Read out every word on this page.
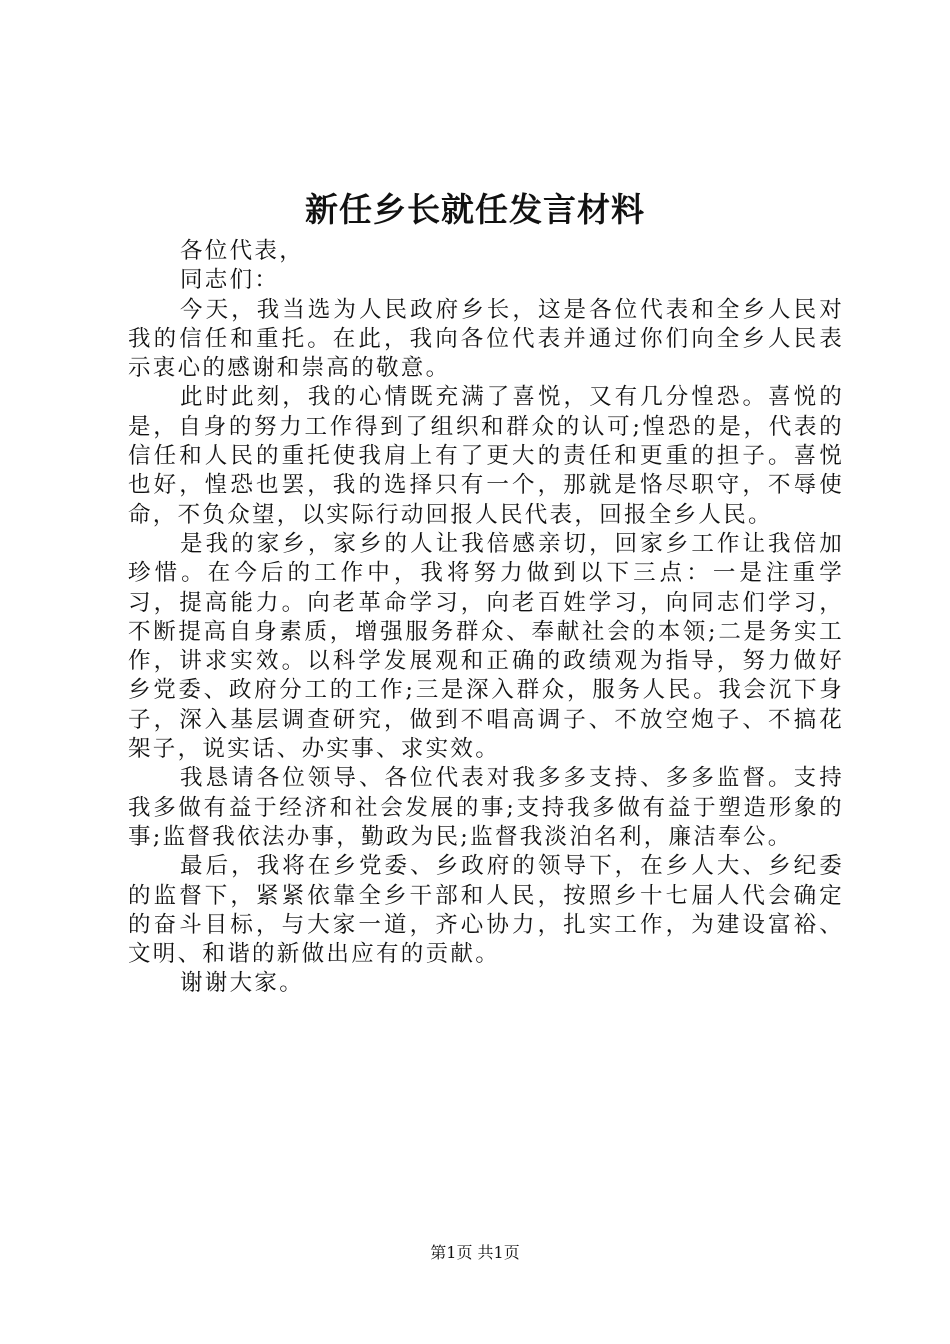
新任乡长就任发言材料

各位代表，

同志们：

今天，我当选为人民政府乡长，这是各位代表和全乡人民对我的信任和重托。在此，我向各位代表并通过你们向全乡人民表示衷心的感谢和崇高的敬意。

此时此刻，我的心情既充满了喜悦，又有几分惶恐。喜悦的是，自身的努力工作得到了组织和群众的认可;惶恐的是，代表的信任和人民的重托使我肩上有了更大的责任和更重的担子。喜悦也好，惶恐也罢，我的选择只有一个，那就是恪尽职守，不辱使命，不负众望，以实际行动回报人民代表，回报全乡人民。

是我的家乡，家乡的人让我倍感亲切，回家乡工作让我倍加珍惜。在今后的工作中，我将努力做到以下三点：一是注重学习，提高能力。向老革命学习，向老百姓学习，向同志们学习，不断提高自身素质，增强服务群众、奉献社会的本领;二是务实工作，讲求实效。以科学发展观和正确的政绩观为指导，努力做好乡党委、政府分工的工作;三是深入群众，服务人民。我会沉下身子，深入基层调查研究，做到不唱高调子、不放空炮子、不搞花架子，说实话、办实事、求实效。

我恳请各位领导、各位代表对我多多支持、多多监督。支持我多做有益于经济和社会发展的事;支持我多做有益于塑造形象的事;监督我依法办事，勤政为民;监督我淡泊名利，廉洁奉公。

最后，我将在乡党委、乡政府的领导下，在乡人大、乡纪委的监督下，紧紧依靠全乡干部和人民，按照乡十七届人代会确定的奋斗目标，与大家一道，齐心协力，扎实工作，为建设富裕、文明、和谐的新做出应有的贡献。

谢谢大家。

第1页 共1页
